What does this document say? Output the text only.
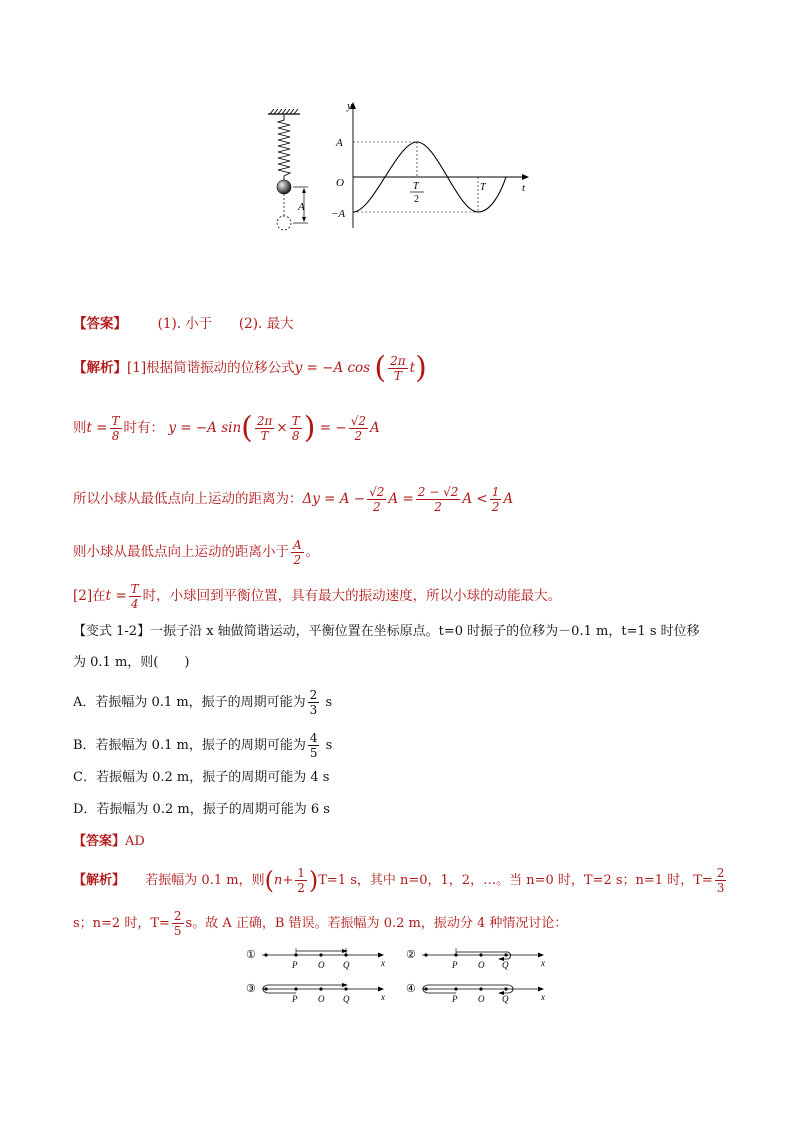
A
y
t
A
O
−A
T
2
T
【答案】 (1). 小于 (2). 最大
【解析】[1]根据简谐振动的位移公式y = −A cos ( $\frac{2\pi}{T} t$)
则$t = \frac{T}{8}$ 时有： y = −A $\sin( \frac{2\pi}{T} \times \frac{T}{8}$ ) = − $\frac{√2}{2}$ A
所以小球从最低点向上运动的距离为：$\Delta y = A - \frac{√2}{2}$ $A = \frac{2 - √2}{2}$ $A < \frac{1}{2}$ A
则小球从最低点向上运动的距离小于 $\frac{A}{2}$ 。
[2]在$t = \frac{T}{4}$ 时，小球回到平衡位置，具有最大的振动速度，所以小球的动能最大。
【变式 1-2】一振子沿 x 轴做简谐运动，平衡位置在坐标原点。t=0 时振子的位移为－0.1 m，t=1 s 时位移
为 0.1 m，则(　　)
A．若振幅为 0.1 m，振子的周期可能为 $\frac{2}{3}$ s
B．若振幅为 0.1 m，振子的周期可能为 $\frac{4}{5}$ s
C．若振幅为 0.2 m，振子的周期可能为 4 s
D．若振幅为 0.2 m，振子的周期可能为 6 s
【答案】AD
【解析】 若振幅为 0.1 m，则$(n+ \frac{1}{2} )T=1$ s，其中 n=0，1，2，…。当 n=0 时，T=2 s；n=1 时，$T= \frac{2}{3}$
s；n=2 时，$T= \frac{2}{5}$ s。故 A 正确，B 错误。若振幅为 0.2 m，振动分 4 种情况讨论：
①
P O Q	x
②
P O Q	x
③
P O Q	x
④
P O Q	x
